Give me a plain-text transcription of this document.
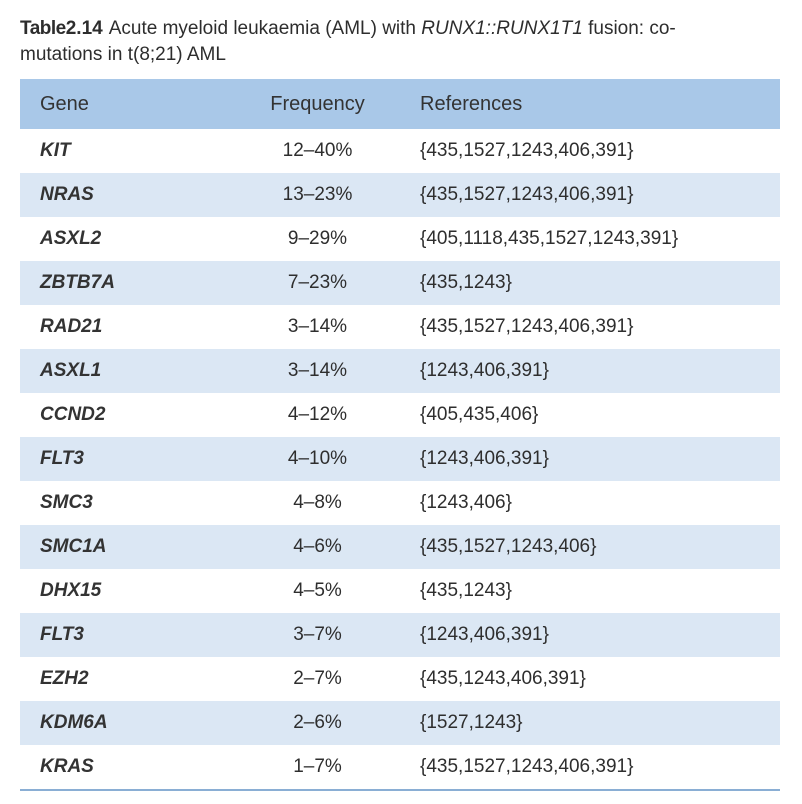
Table2.14 Acute myeloid leukaemia (AML) with RUNX1::RUNX1T1 fusion: co-mutations in t(8;21) AML
Gene	Frequency	References
KIT	12–40%	{435,1527,1243,406,391}
NRAS	13–23%	{435,1527,1243,406,391}
ASXL2	9–29%	{405,1118,435,1527,1243,391}
ZBTB7A	7–23%	{435,1243}
RAD21	3–14%	{435,1527,1243,406,391}
ASXL1	3–14%	{1243,406,391}
CCND2	4–12%	{405,435,406}
FLT3	4–10%	{1243,406,391}
SMC3	4–8%	{1243,406}
SMC1A	4–6%	{435,1527,1243,406}
DHX15	4–5%	{435,1243}
FLT3	3–7%	{1243,406,391}
EZH2	2–7%	{435,1243,406,391}
KDM6A	2–6%	{1527,1243}
KRAS	1–7%	{435,1527,1243,406,391}
